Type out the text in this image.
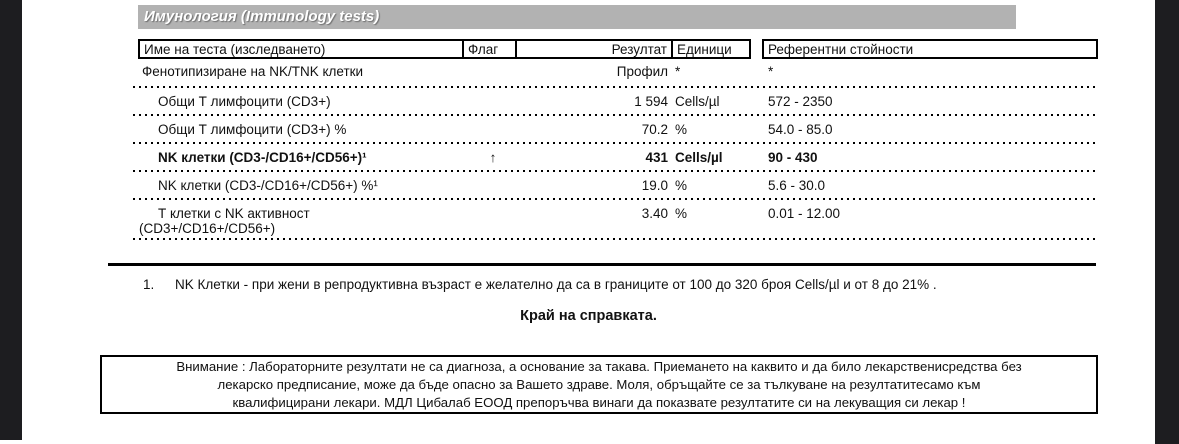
Имунология (Immunology tests)
Име на теста (изследването)	Флаг	Резултат Единици	Референтни стойности
Фенотипизиране на NK/TNK клетки	Профил *	*
Общи Т лимфоцити (CD3+)	1 594 Cells/µl	572 - 2350
Общи Т лимфоцити (CD3+) %	70.2 %	54.0 - 85.0
NK клетки (CD3-/CD16+/CD56+)¹	↑	431 Cells/µl	90 - 430
NK клетки (CD3-/CD16+/CD56+) %¹	19.0 %	5.6 - 30.0
Т клетки с NK активност	3.40 %	0.01 - 12.00
(CD3+/CD16+/CD56+)
1. NK Клетки - при жени в репродуктивна възраст е желателно да са в границите от 100 до 320 броя Cells/µl и от 8 до 21% .
Край на справката.
Внимание : Лабораторните резултати не са диагноза, а основание за такава. Приемането на каквито и да било лекарственисредства без
лекарско предписание, може да бъде опасно за Вашето здраве. Моля, обръщайте се за тълкуване на резултатитесамо към
квалифицирани лекари. МДЛ Цибалаб ЕООД препоръчва винаги да показвате резултатите си на лекуващия си лекар !
